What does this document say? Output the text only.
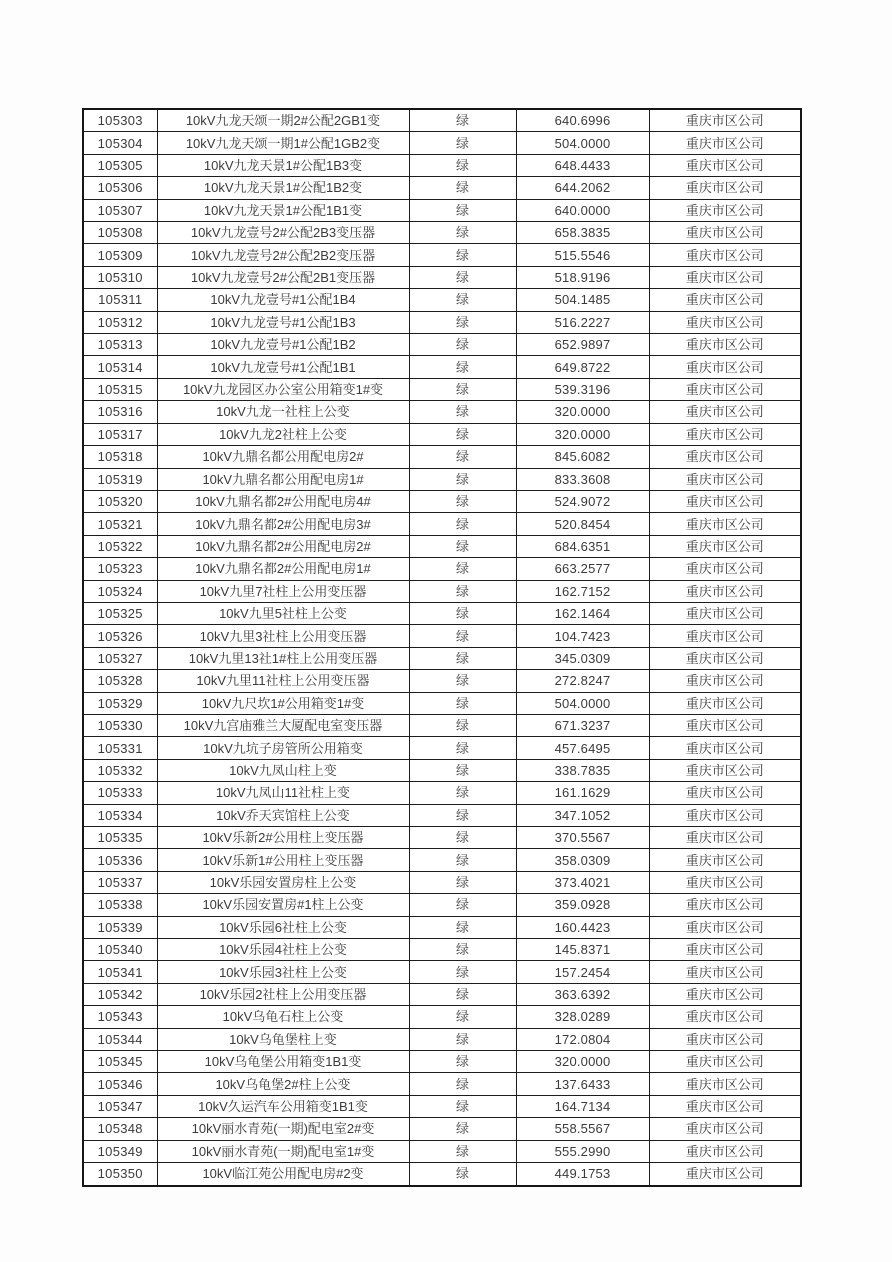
105303	10kV九龙天颂一期2#公配2GB1变	绿	640.6996	重庆市区公司
105304	10kV九龙天颂一期1#公配1GB2变	绿	504.0000	重庆市区公司
105305	10kV九龙天景1#公配1B3变	绿	648.4433	重庆市区公司
105306	10kV九龙天景1#公配1B2变	绿	644.2062	重庆市区公司
105307	10kV九龙天景1#公配1B1变	绿	640.0000	重庆市区公司
105308	10kV九龙壹号2#公配2B3变压器	绿	658.3835	重庆市区公司
105309	10kV九龙壹号2#公配2B2变压器	绿	515.5546	重庆市区公司
105310	10kV九龙壹号2#公配2B1变压器	绿	518.9196	重庆市区公司
105311	10kV九龙壹号#1公配1B4	绿	504.1485	重庆市区公司
105312	10kV九龙壹号#1公配1B3	绿	516.2227	重庆市区公司
105313	10kV九龙壹号#1公配1B2	绿	652.9897	重庆市区公司
105314	10kV九龙壹号#1公配1B1	绿	649.8722	重庆市区公司
105315	10kV九龙园区办公室公用箱变1#变	绿	539.3196	重庆市区公司
105316	10kV九龙一社柱上公变	绿	320.0000	重庆市区公司
105317	10kV九龙2社柱上公变	绿	320.0000	重庆市区公司
105318	10kV九鼎名都公用配电房2#	绿	845.6082	重庆市区公司
105319	10kV九鼎名都公用配电房1#	绿	833.3608	重庆市区公司
105320	10kV九鼎名都2#公用配电房4#	绿	524.9072	重庆市区公司
105321	10kV九鼎名都2#公用配电房3#	绿	520.8454	重庆市区公司
105322	10kV九鼎名都2#公用配电房2#	绿	684.6351	重庆市区公司
105323	10kV九鼎名都2#公用配电房1#	绿	663.2577	重庆市区公司
105324	10kV九里7社柱上公用变压器	绿	162.7152	重庆市区公司
105325	10kV九里5社柱上公变	绿	162.1464	重庆市区公司
105326	10kV九里3社柱上公用变压器	绿	104.7423	重庆市区公司
105327	10kV九里13社1#柱上公用变压器	绿	345.0309	重庆市区公司
105328	10kV九里11社柱上公用变压器	绿	272.8247	重庆市区公司
105329	10kV九尺坎1#公用箱变1#变	绿	504.0000	重庆市区公司
105330	10kV九宫庙雅兰大厦配电室变压器	绿	671.3237	重庆市区公司
105331	10kV九坑子房管所公用箱变	绿	457.6495	重庆市区公司
105332	10kV九凤山柱上变	绿	338.7835	重庆市区公司
105333	10kV九凤山11社柱上变	绿	161.1629	重庆市区公司
105334	10kV乔天宾馆柱上公变	绿	347.1052	重庆市区公司
105335	10kV乐新2#公用柱上变压器	绿	370.5567	重庆市区公司
105336	10kV乐新1#公用柱上变压器	绿	358.0309	重庆市区公司
105337	10kV乐园安置房柱上公变	绿	373.4021	重庆市区公司
105338	10kV乐园安置房#1柱上公变	绿	359.0928	重庆市区公司
105339	10kV乐园6社柱上公变	绿	160.4423	重庆市区公司
105340	10kV乐园4社柱上公变	绿	145.8371	重庆市区公司
105341	10kV乐园3社柱上公变	绿	157.2454	重庆市区公司
105342	10kV乐园2社柱上公用变压器	绿	363.6392	重庆市区公司
105343	10kV乌龟石柱上公变	绿	328.0289	重庆市区公司
105344	10kV乌龟堡柱上变	绿	172.0804	重庆市区公司
105345	10kV乌龟堡公用箱变1B1变	绿	320.0000	重庆市区公司
105346	10kV乌龟堡2#柱上公变	绿	137.6433	重庆市区公司
105347	10kV久运汽车公用箱变1B1变	绿	164.7134	重庆市区公司
105348	10kV丽水青苑(一期)配电室2#变	绿	558.5567	重庆市区公司
105349	10kV丽水青苑(一期)配电室1#变	绿	555.2990	重庆市区公司
105350	10kV临江苑公用配电房#2变	绿	449.1753	重庆市区公司
